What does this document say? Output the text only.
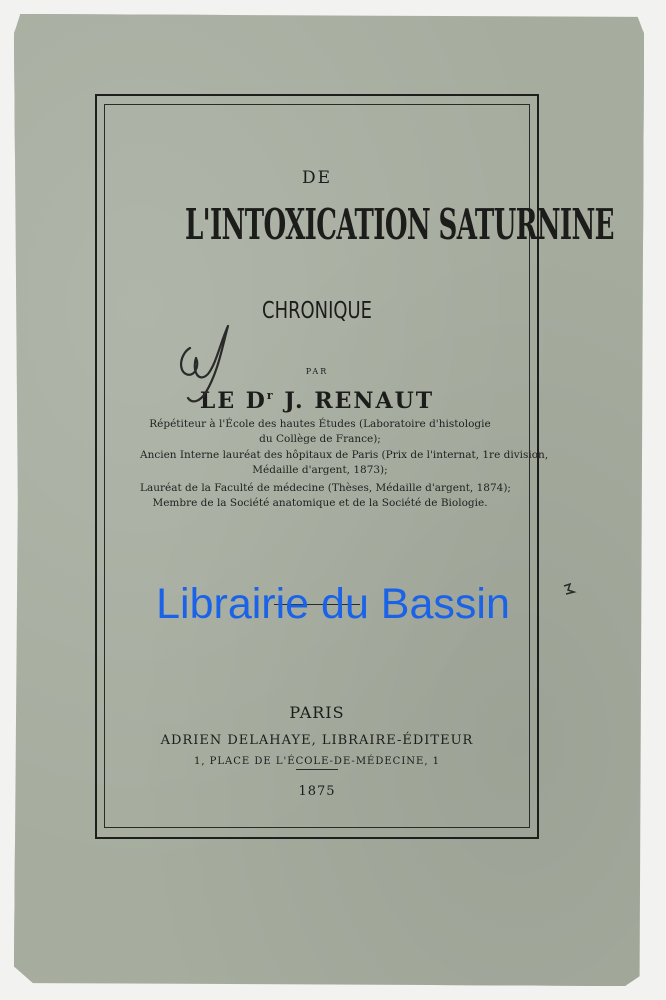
DE
L'INTOXICATION SATURNINE
CHRONIQUE
PAR
LE $D^r$ J. RENAUT
Répétiteur à l'École des hautes Études (Laboratoire d'histologie
du Collège de France);
Ancien Interne lauréat des hôpitaux de Paris (Prix de l'internat, 1re division,
Médaille d'argent, 1873);
Lauréat de la Faculté de médecine (Thèses, Médaille d'argent, 1874);
Membre de la Société anatomique et de la Société de Biologie.
PARIS
ADRIEN DELAHAYE, LIBRAIRE-ÉDITEUR
1, PLACE DE L'ÉCOLE-DE-MÉDECINE, 1
1875
Librairie du Bassin
